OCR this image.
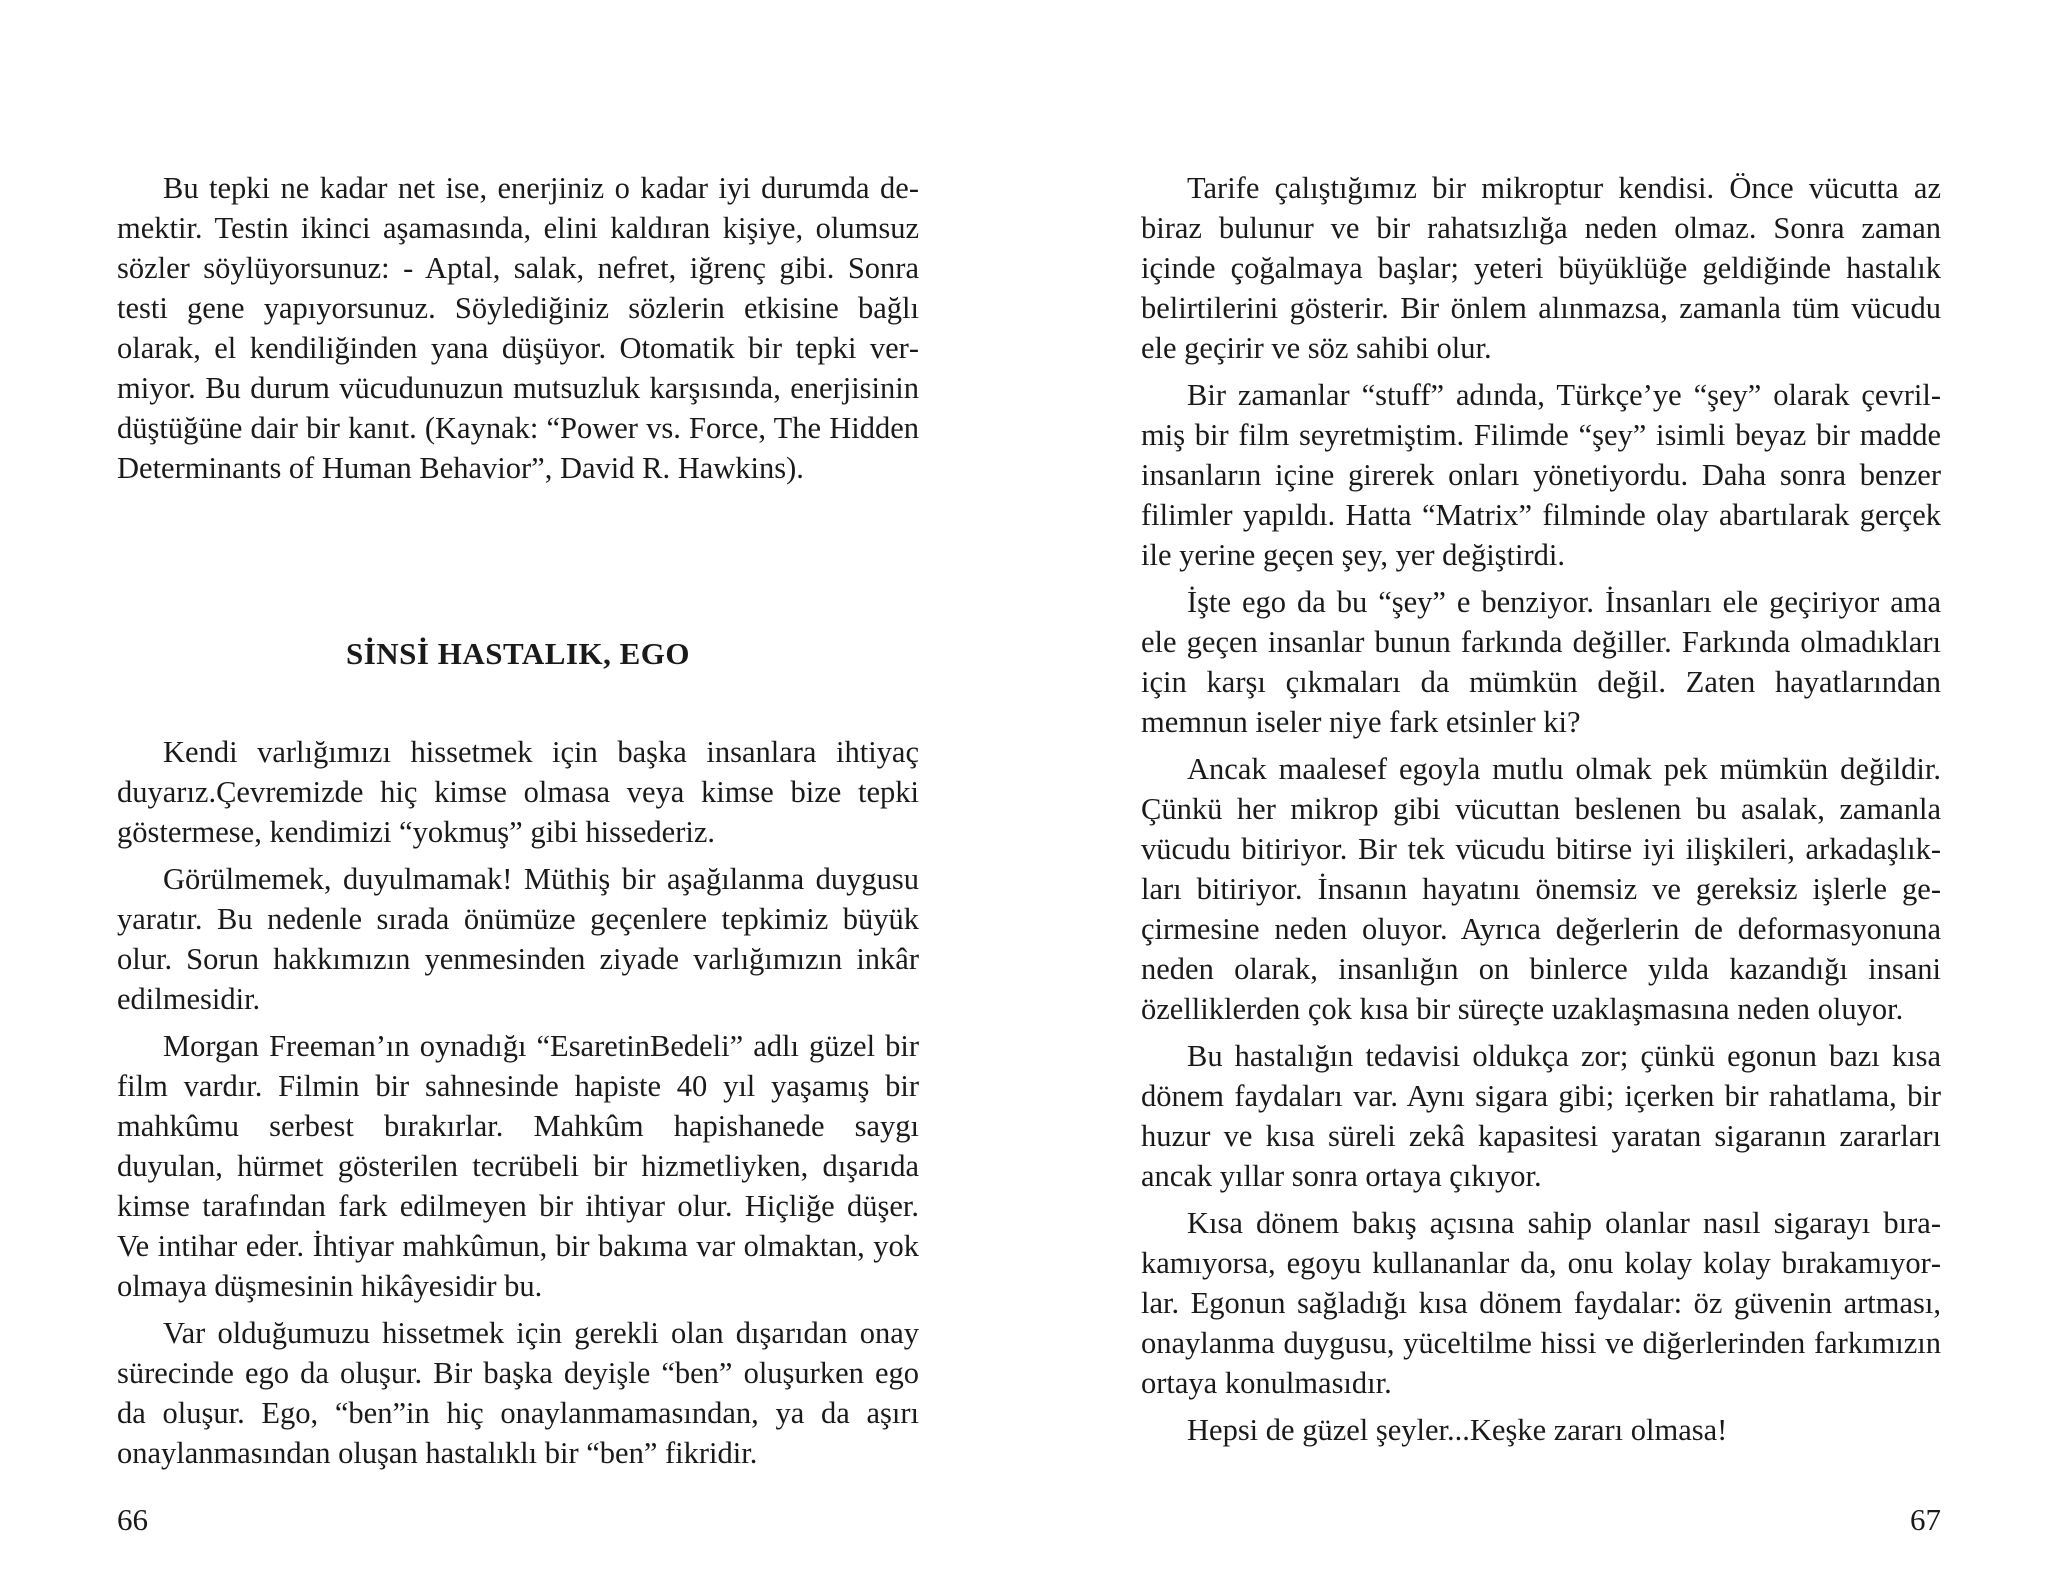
Bu tepki ne kadar net ise, enerjiniz o kadar iyi durumda demektir. Testin ikinci aşamasında, elini kaldıran kişiye, olumsuz sözler söylüyorsunuz: - Aptal, salak, nefret, iğrenç gibi. Sonra testi gene yapıyorsunuz. Söylediğiniz sözlerin etkisine bağlı olarak, el kendiliğinden yana düşüyor. Otomatik bir tepki vermiyor. Bu durum vücudunuzun mutsuzluk karşısında, enerjisinin düştüğüne dair bir kanıt. (Kaynak: “Power vs. Force, The Hidden Determinants of Human Behavior”, David R. Hawkins).

SİNSİ HASTALIK, EGO

Kendi varlığımızı hissetmek için başka insanlara ihtiyaç duyarız.Çevremizde hiç kimse olmasa veya kimse bize tepki göstermese, kendimizi “yokmuş” gibi hissederiz.

Görülmemek, duyulmamak! Müthiş bir aşağılanma duygusu yaratır. Bu nedenle sırada önümüze geçenlere tepkimiz büyük olur. Sorun hakkımızın yenmesinden ziyade varlığımızın inkâr edilmesidir.

Morgan Freeman’ın oynadığı “EsaretinBedeli” adlı güzel bir film vardır. Filmin bir sahnesinde hapiste 40 yıl yaşamış bir mahkûmu serbest bırakırlar. Mahkûm hapishanede saygı duyulan, hürmet gösterilen tecrübeli bir hizmetliyken, dışarıda kimse tarafından fark edilmeyen bir ihtiyar olur. Hiçliğe düşer. Ve intihar eder. İhtiyar mahkûmun, bir bakıma var olmaktan, yok olmaya düşmesinin hikâyesidir bu.

Var olduğumuzu hissetmek için gerekli olan dışarıdan onay sürecinde ego da oluşur. Bir başka deyişle “ben” oluşurken ego da oluşur. Ego, “ben”in hiç onaylanmamasından, ya da aşırı onaylanmasından oluşan hastalıklı bir “ben” fikridir.

66

Tarife çalıştığımız bir mikroptur kendisi. Önce vücutta az biraz bulunur ve bir rahatsızlığa neden olmaz. Sonra zaman içinde çoğalmaya başlar; yeteri büyüklüğe geldiğinde hastalık belirtilerini gösterir. Bir önlem alınmazsa, zamanla tüm vücudu ele geçirir ve söz sahibi olur.

Bir zamanlar “stuff” adında, Türkçe’ye “şey” olarak çevrilmiş bir film seyretmiştim. Filimde “şey” isimli beyaz bir madde insanların içine girerek onları yönetiyordu. Daha sonra benzer filimler yapıldı. Hatta “Matrix” filminde olay abartılarak gerçek ile yerine geçen şey, yer değiştirdi.

İşte ego da bu “şey” e benziyor. İnsanları ele geçiriyor ama ele geçen insanlar bunun farkında değiller. Farkında olmadıkları için karşı çıkmaları da mümkün değil. Zaten hayatlarından memnun iseler niye fark etsinler ki?

Ancak maalesef egoyla mutlu olmak pek mümkün değildir. Çünkü her mikrop gibi vücuttan beslenen bu asalak, zamanla vücudu bitiriyor. Bir tek vücudu bitirse iyi ilişkileri, arkadaşlıkları bitiriyor. İnsanın hayatını önemsiz ve gereksiz işlerle geçirmesine neden oluyor. Ayrıca değerlerin de deformasyonuna neden olarak, insanlığın on binlerce yılda kazandığı insani özelliklerden çok kısa bir süreçte uzaklaşmasına neden oluyor.

Bu hastalığın tedavisi oldukça zor; çünkü egonun bazı kısa dönem faydaları var. Aynı sigara gibi; içerken bir rahatlama, bir huzur ve kısa süreli zekâ kapasitesi yaratan sigaranın zararları ancak yıllar sonra ortaya çıkıyor.

Kısa dönem bakış açısına sahip olanlar nasıl sigarayı bırakamıyorsa, egoyu kullananlar da, onu kolay kolay bırakamıyorlar. Egonun sağladığı kısa dönem faydalar: öz güvenin artması, onaylanma duygusu, yüceltilme hissi ve diğerlerinden farkımızın ortaya konulmasıdır.

Hepsi de güzel şeyler...Keşke zararı olmasa!

67
